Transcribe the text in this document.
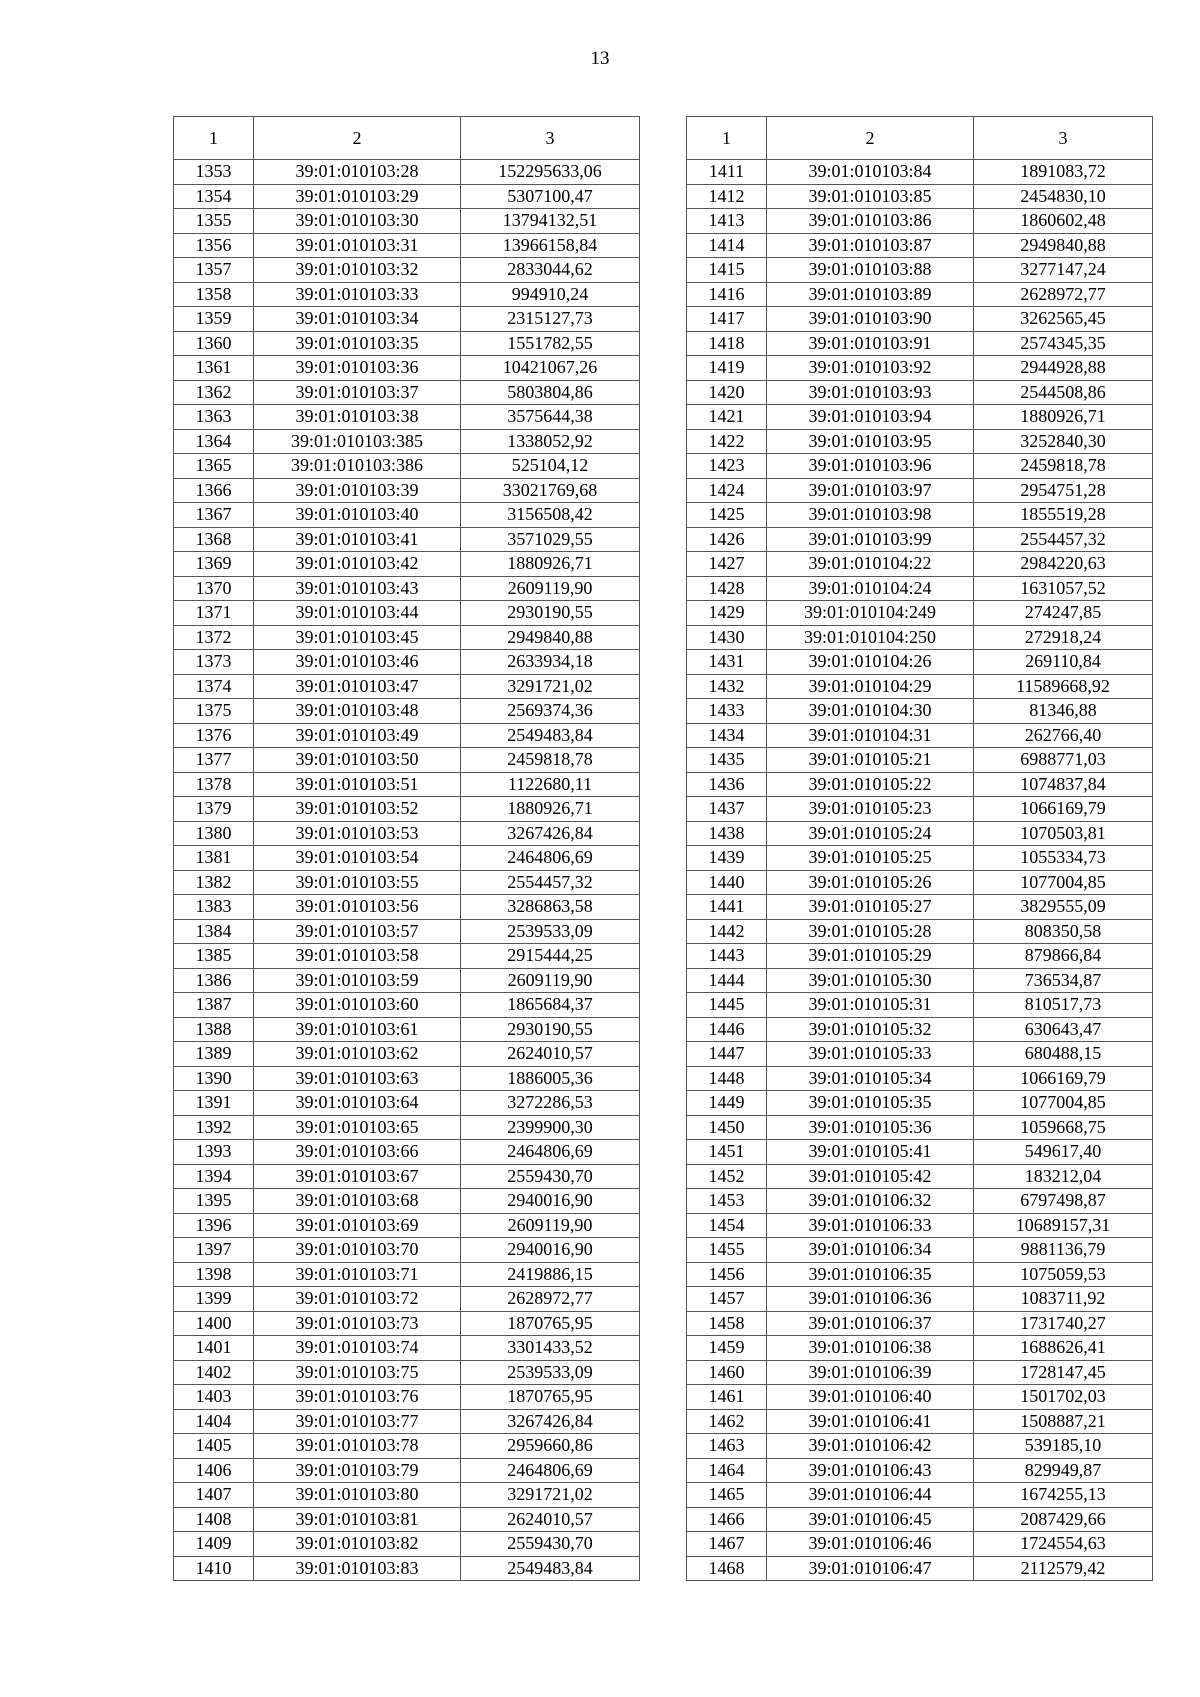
13
1	2	3
1353	39:01:010103:28	152295633,06
1354	39:01:010103:29	5307100,47
1355	39:01:010103:30	13794132,51
1356	39:01:010103:31	13966158,84
1357	39:01:010103:32	2833044,62
1358	39:01:010103:33	994910,24
1359	39:01:010103:34	2315127,73
1360	39:01:010103:35	1551782,55
1361	39:01:010103:36	10421067,26
1362	39:01:010103:37	5803804,86
1363	39:01:010103:38	3575644,38
1364	39:01:010103:385	1338052,92
1365	39:01:010103:386	525104,12
1366	39:01:010103:39	33021769,68
1367	39:01:010103:40	3156508,42
1368	39:01:010103:41	3571029,55
1369	39:01:010103:42	1880926,71
1370	39:01:010103:43	2609119,90
1371	39:01:010103:44	2930190,55
1372	39:01:010103:45	2949840,88
1373	39:01:010103:46	2633934,18
1374	39:01:010103:47	3291721,02
1375	39:01:010103:48	2569374,36
1376	39:01:010103:49	2549483,84
1377	39:01:010103:50	2459818,78
1378	39:01:010103:51	1122680,11
1379	39:01:010103:52	1880926,71
1380	39:01:010103:53	3267426,84
1381	39:01:010103:54	2464806,69
1382	39:01:010103:55	2554457,32
1383	39:01:010103:56	3286863,58
1384	39:01:010103:57	2539533,09
1385	39:01:010103:58	2915444,25
1386	39:01:010103:59	2609119,90
1387	39:01:010103:60	1865684,37
1388	39:01:010103:61	2930190,55
1389	39:01:010103:62	2624010,57
1390	39:01:010103:63	1886005,36
1391	39:01:010103:64	3272286,53
1392	39:01:010103:65	2399900,30
1393	39:01:010103:66	2464806,69
1394	39:01:010103:67	2559430,70
1395	39:01:010103:68	2940016,90
1396	39:01:010103:69	2609119,90
1397	39:01:010103:70	2940016,90
1398	39:01:010103:71	2419886,15
1399	39:01:010103:72	2628972,77
1400	39:01:010103:73	1870765,95
1401	39:01:010103:74	3301433,52
1402	39:01:010103:75	2539533,09
1403	39:01:010103:76	1870765,95
1404	39:01:010103:77	3267426,84
1405	39:01:010103:78	2959660,86
1406	39:01:010103:79	2464806,69
1407	39:01:010103:80	3291721,02
1408	39:01:010103:81	2624010,57
1409	39:01:010103:82	2559430,70
1410	39:01:010103:83	2549483,84
1	2	3
1411	39:01:010103:84	1891083,72
1412	39:01:010103:85	2454830,10
1413	39:01:010103:86	1860602,48
1414	39:01:010103:87	2949840,88
1415	39:01:010103:88	3277147,24
1416	39:01:010103:89	2628972,77
1417	39:01:010103:90	3262565,45
1418	39:01:010103:91	2574345,35
1419	39:01:010103:92	2944928,88
1420	39:01:010103:93	2544508,86
1421	39:01:010103:94	1880926,71
1422	39:01:010103:95	3252840,30
1423	39:01:010103:96	2459818,78
1424	39:01:010103:97	2954751,28
1425	39:01:010103:98	1855519,28
1426	39:01:010103:99	2554457,32
1427	39:01:010104:22	2984220,63
1428	39:01:010104:24	1631057,52
1429	39:01:010104:249	274247,85
1430	39:01:010104:250	272918,24
1431	39:01:010104:26	269110,84
1432	39:01:010104:29	11589668,92
1433	39:01:010104:30	81346,88
1434	39:01:010104:31	262766,40
1435	39:01:010105:21	6988771,03
1436	39:01:010105:22	1074837,84
1437	39:01:010105:23	1066169,79
1438	39:01:010105:24	1070503,81
1439	39:01:010105:25	1055334,73
1440	39:01:010105:26	1077004,85
1441	39:01:010105:27	3829555,09
1442	39:01:010105:28	808350,58
1443	39:01:010105:29	879866,84
1444	39:01:010105:30	736534,87
1445	39:01:010105:31	810517,73
1446	39:01:010105:32	630643,47
1447	39:01:010105:33	680488,15
1448	39:01:010105:34	1066169,79
1449	39:01:010105:35	1077004,85
1450	39:01:010105:36	1059668,75
1451	39:01:010105:41	549617,40
1452	39:01:010105:42	183212,04
1453	39:01:010106:32	6797498,87
1454	39:01:010106:33	10689157,31
1455	39:01:010106:34	9881136,79
1456	39:01:010106:35	1075059,53
1457	39:01:010106:36	1083711,92
1458	39:01:010106:37	1731740,27
1459	39:01:010106:38	1688626,41
1460	39:01:010106:39	1728147,45
1461	39:01:010106:40	1501702,03
1462	39:01:010106:41	1508887,21
1463	39:01:010106:42	539185,10
1464	39:01:010106:43	829949,87
1465	39:01:010106:44	1674255,13
1466	39:01:010106:45	2087429,66
1467	39:01:010106:46	1724554,63
1468	39:01:010106:47	2112579,42
